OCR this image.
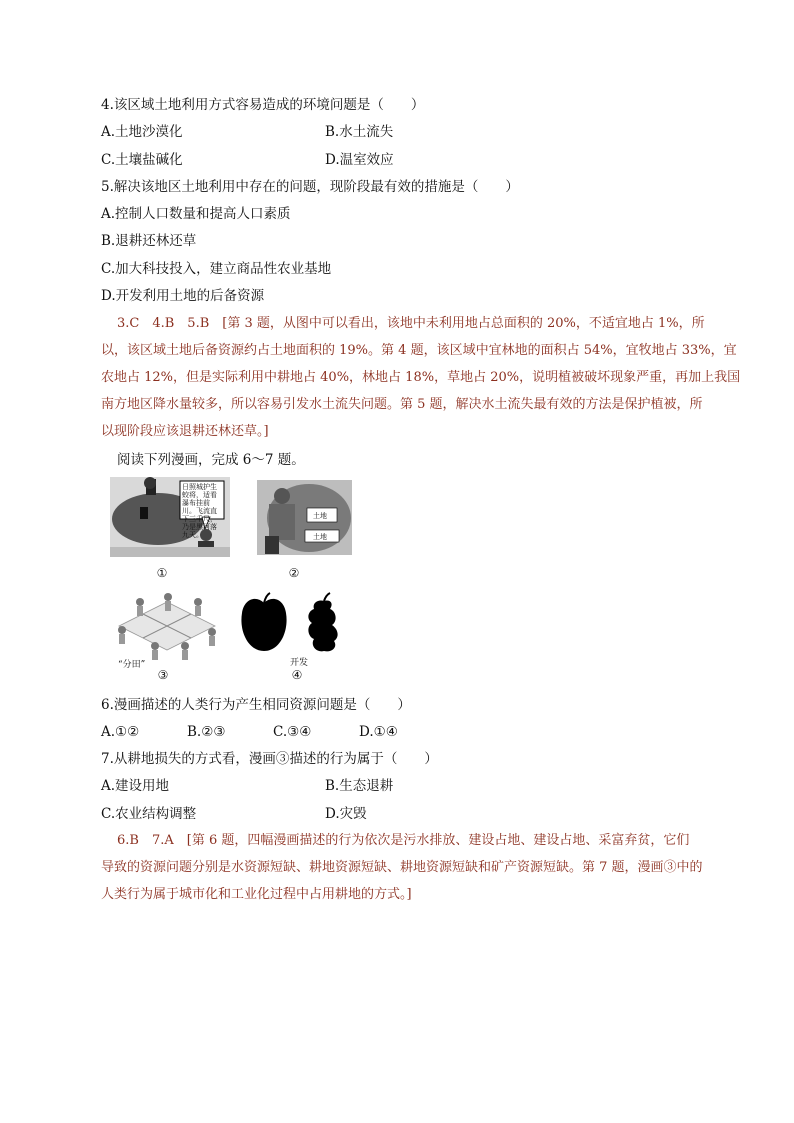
4.该区域土地利用方式容易造成的环境问题是（　　）
A.土地沙漠化	B.水土流失
C.土壤盐碱化	D.温室效应
5.解决该地区土地利用中存在的问题，现阶段最有效的措施是（　　）
A.控制人口数量和提高人口素质
B.退耕还林还草
C.加大科技投入，建立商品性农业基地
D.开发利用土地的后备资源
3.C　4.B　5.B　[第 3 题，从图中可以看出，该地中未利用地占总面积的 20%，不适宜地占 1%，所
以，该区域土地后备资源约占土地面积的 19%。第 4 题，该区域中宜林地的面积占 54%，宜牧地占 33%，宜
农地占 12%，但是实际利用中耕地占 40%，林地占 18%，草地占 20%，说明植被破坏现象严重，再加上我国
南方地区降水量较多，所以容易引发水土流失问题。第 5 题，解决水土流失最有效的方法是保护植被，所
以现阶段应该退耕还林还草。]
阅读下列漫画，完成 6～7 题。
日照城护生蛟将，适看瀑布挂前川。飞流直下三千尺，乃是黑河落九天。
①
土地
土地
②
“分田”
③
开发
④
6.漫画描述的人类行为产生相同资源问题是（　　）
A.①②	B.②③	C.③④	D.①④
7.从耕地损失的方式看，漫画③描述的行为属于（　　）
A.建设用地	B.生态退耕
C.农业结构调整	D.灾毁
6.B　7.A　[第 6 题，四幅漫画描述的行为依次是污水排放、建设占地、建设占地、采富弃贫，它们
导致的资源问题分别是水资源短缺、耕地资源短缺、耕地资源短缺和矿产资源短缺。第 7 题，漫画③中的
人类行为属于城市化和工业化过程中占用耕地的方式。]
